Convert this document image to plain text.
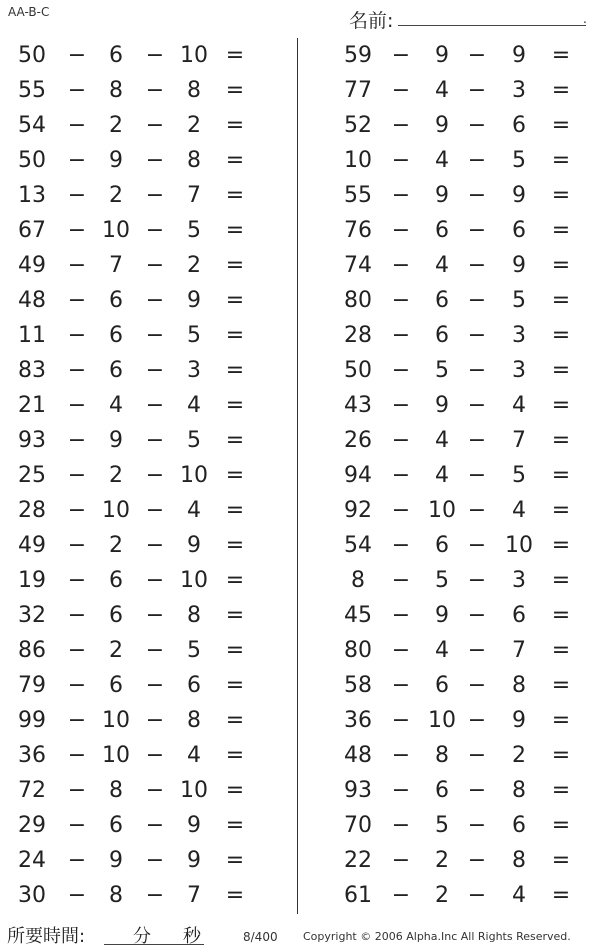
AA-B-C	名前:	.
50 −	6	− 10 =
55 −	8	−	8	=
54 −	2	−	2	=
50 −	9	−	8	=
13 −	2	−	7	=
67 − 10 −	5	=
49 −	7	−	2	=
48 −	6	−	9	=
11 −	6	−	5	=
83 −	6	−	3	=
21 −	4	−	4	=
93 −	9	−	5	=
25 −	2	− 10 =
28 − 10 −	4	=
49 −	2	−	9	=
19 −	6	− 10 =
32 −	6	−	8	=
86 −	2	−	5	=
79 −	6	−	6	=
99 − 10 −	8	=
36 − 10 −	4	=
72 −	8	− 10 =
29 −	6	−	9	=
24 −	9	−	9	=
30 −	8	−	7	=
59 −	9 −	9	=
77 −	4 −	3	=
52 −	9 −	6	=
10 −	4 −	5	=
55 −	9 −	9	=
76 −	6 −	6	=
74 −	4 −	9	=
80 −	6 −	5	=
28 −	6 −	3	=
50 −	5 −	3	=
43 −	9 −	4	=
26 −	4 −	7	=
94 −	4 −	5	=
92 − 10 −	4	=
54 −	6 − 10 =
8	−	5 −	3	=
45 −	9 −	6	=
80 −	4 −	7	=
58 −	6 −	8	=
36 − 10 −	9	=
48 −	8 −	2	=
93 −	6 −	8	=
70 −	5 −	6	=
22 −	2 −	8	=
61 −	2 −	4	=
所要時間:	分 秒	8/400 Copyright © 2006 Alpha.Inc All Rights Reserved.
